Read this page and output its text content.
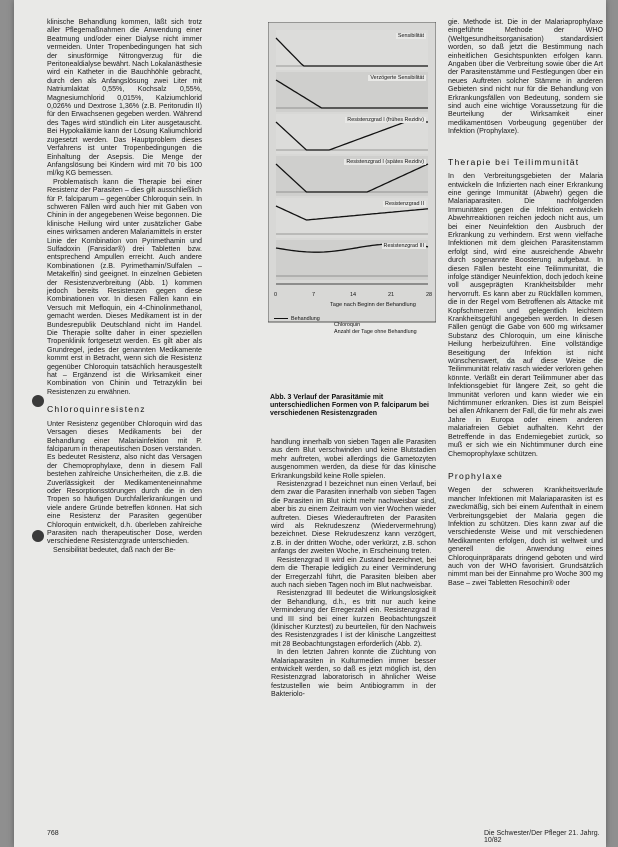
klinische Behandlung kommen, läßt sich trotz aller Pflegemaßnahmen die Anwendung einer Beatmung und/oder einer Dialyse nicht immer vermeiden. Unter Tropenbedingungen hat sich der sinusförmige Nitrongverzug für die Peritonealdialyse bewährt. Nach Lokalanästhesie wird ein Katheter in die Bauchhöhle gebracht, durch den als Anfangslösung zwei Liter mit Natriumlaktat 0,55%, Kochsalz 0,55%, Magnesiumchlorid 0,015%, Kalziumchlorid 0,026% und Dextrose 1,36% (z.B. Peritorudin II) für den Erwachsenen gegeben werden. Während des Tages wird stündlich ein Liter ausgetauscht. Bei Hypokaliämie kann der Lösung Kaliumchlorid zugesetzt werden. Das Hauptproblem dieses Verfahrens ist unter Tropenbedingungen die Einhaltung der Asepsis. Die Menge der Anfangslösung bei Kindern wird mit 70 bis 100 ml/kg KG bemessen.

Problematisch kann die Therapie bei einer Resistenz der Parasiten – dies gilt ausschließlich für P. falciparum – gegenüber Chloroquin sein. In schweren Fällen wird auch hier mit Gaben von Chinin in der angegebenen Weise begonnen. Die klinische Heilung wird unter zusätzlicher Gabe eines wirksamen anderen Malariamittels in erster Linie der Kombination von Pyrimethamin und Sulfadoxin (Fansidar®) drei Tabletten bzw. entsprechend Ampullen erreicht. Auch andere Kombinationen (z.B. Pyrimethamin/Sulfalen – Metakelfin) sind geeignet. In einzelnen Gebieten der Resistenzverbreitung (Abb. 1) kommen jedoch bereits Resistenzen gegen diese Kombinationen vor. In diesen Fällen kann ein Versuch mit Mefloquin, ein 4-Chinolinmethanol, gemacht werden. Dieses Medikament ist in der Bundesrepublik Deutschland nicht im Handel. Die Therapie sollte daher in einer speziellen Tropenklinik fortgesetzt werden. Es gilt aber als Grundregel, jedes der genannten Medikamente kommt erst in Betracht, wenn sich die Resistenz gegenüber Chloroquin tatsächlich herausgestellt hat – Ergänzend ist die Wirksamkeit einer Kombination von Chinin und Tetrazyklin bei Resistenzen zu erwähnen.

Chloroquinresistenz

Unter Resistenz gegenüber Chloroquin wird das Versagen dieses Medikaments bei der Behandlung einer Malariainfektion mit P. falciparum in therapeutischen Dosen verstanden. Es bedeutet Resistenz, also nicht das Versagen der Chemoprophylaxe, denn in diesem Fall bestehen zahlreiche Unsicherheiten, die z.B. die Zuverlässigkeit der Medikamenteneinnahme oder Resorptionsstörungen durch die in den Tropen so häufigen Durchfallerkrankungen und viele andere Gründe betreffen können. Hat sich eine Resistenz der Parasiten gegenüber Chloroquin entwickelt, d.h. überleben zahlreiche Parasiten nach therapeutischer Dose, werden verschiedene Resistenzgrade unterschieden.

Sensibilität bedeutet, daß nach der Be-

Sensibilität
Verzögerte Sensibilität
Resistenzgrad I (frühes Rezidiv)
Resistenzgrad I (spätes Rezidiv)
Resistenzgrad II
Resistenzgrad III
0	7	14	21	28
Tage nach Beginn der Behandlung
Behandlung
Chloroquin
Anzahl der Tage ohne Behandlung
Abb. 3 Verlauf der Parasitämie mit unterschiedlichen Formen von P. falciparum bei verschiedenen Resistenzgraden

handlung innerhalb von sieben Tagen alle Parasiten aus dem Blut verschwinden und keine Blutstadien mehr auftreten, wobei allerdings die Gametozyten ausgenommen werden, da diese für das klinische Erkrankungsbild keine Rolle spielen.

Resistenzgrad I bezeichnet nun einen Verlauf, bei dem zwar die Parasiten innerhalb von sieben Tagen die Parasiten im Blut nicht mehr nachweisbar sind, aber bis zu einem Zeitraum von vier Wochen wieder auftreten. Dieses Wiederauftreten der Parasiten wird als Rekrudeszenz (Wiedervermehrung) bezeichnet. Diese Rekrudeszenz kann verzögert, z.B. in der dritten Woche, oder verkürzt, z.B. schon anfangs der zweiten Woche, in Erscheinung treten.

Resistenzgrad II wird ein Zustand bezeichnet, bei dem die Therapie lediglich zu einer Verminderung der Erregerzahl führt, die Parasiten bleiben aber auch nach sieben Tagen noch im Blut nachweisbar.

Resistenzgrad III bedeutet die Wirkungslosigkeit der Behandlung, d.h., es tritt nur auch keine Verminderung der Erregerzahl ein. Resistenzgrad II und III sind bei einer kurzen Beobachtungszeit (klinischer Kurztest) zu beurteilen, für den Nachweis des Resistenzgrades I ist der klinische Langzeittest mit 28 Beobachtungstagen erforderlich (Abb. 2).

In den letzten Jahren konnte die Züchtung von Malariaparasiten in Kulturmedien immer besser entwickelt werden, so daß es jetzt möglich ist, den Resistenzgrad laboratorisch in ähnlicher Weise festzustellen wie beim Antibiogramm in der Bakteriolo-

gie. Methode ist. Die in der Malariaprophylaxe eingeführte Methode der WHO (Weltgesundheitsorganisation) standardisiert worden, so daß jetzt die Bestimmung nach einheitlichen Gesichtspunkten erfolgen kann. Angaben über die Verbreitung sowie über die Art der Parasitenstämme und Festlegungen über ein neues Auftreten solcher Stämme in anderen Gebieten sind nicht nur für die Behandlung von Erkrankungsfällen von Bedeutung, sondern sie sind auch eine wichtige Voraussetzung für die Beurteilung der Wirksamkeit einer medikamentösen Vorbeugung gegenüber der Infektion (Prophylaxe).

Therapie bei Teilimmunität

In den Verbreitungsgebieten der Malaria entwickeln die Infizierten nach einer Erkrankung eine geringe Immunität (Abwehr) gegen die Malariaparasiten. Die nachfolgenden Immunitäten gegen die Infektion entwickeln Abwehrreaktionen reichen jedoch nicht aus, um bei einer Neuinfektion den Ausbruch der Erkrankung zu verhindern. Erst wenn vielfache Infektionen mit dem gleichen Parasitenstamm erfolgt sind, wird eine ausreichende Abwehr durch sogenannte Boosterung aufgebaut. In diesen Fällen besteht eine Teilimmunität, die infolge ständiger Neuinfektion, doch jedoch keine voll ausgeprägten Krankheitsbilder mehr hervorruft. Es kann aber zu Rückfällen kommen, die in der Regel vom Betroffenen als Attacke mit Kopfschmerzen und gelegentlich leichtem Krankheitsgefühl angegeben werden. In diesen Fällen genügt die Gabe von 600 mg wirksamer Substanz des Chloroquin, um eine klinische Heilung herbeizuführen. Eine vollständige Beseitigung der Infektion ist nicht wünschenswert, da auf diese Weise die Teilimmunität relativ rasch wieder verloren gehen könnte. Verläßt ein derart Teilimmuner aber das Infektionsgebiet für längere Zeit, so geht die Immunität verloren und kann wieder wie ein Nichtimmuner erkranken. Dies ist zum Beispiel bei allen Afrikanern der Fall, die für mehr als zwei Jahre in Europa oder einem anderen malariafreien Gebiet aufhalten. Kehrt der Betreffende in das Endemiegebiet zurück, so muß er sich wie ein Nichtimmuner durch eine Chemoprophylaxe schützen.

Prophylaxe

Wegen der schweren Krankheitsverläufe mancher Infektionen mit Malariaparasiten ist es zweckmäßig, sich bei einem Aufenthalt in einem Verbreitungsgebiet der Malaria gegen die Infektion zu schützen. Dies kann zwar auf die verschiedenste Weise und mit verschiedenen Medikamenten erfolgen, doch ist weltweit und generell die Anwendung eines Chloroquinpräparats dringend geboten und wird auch von der WHO favorisiert. Grundsätzlich nimmt man bei der Einnahme pro Woche 300 mg Base – zwei Tabletten Resochin® oder

768	Die Schwester/Der Pfleger 21. Jahrg. 10/82
